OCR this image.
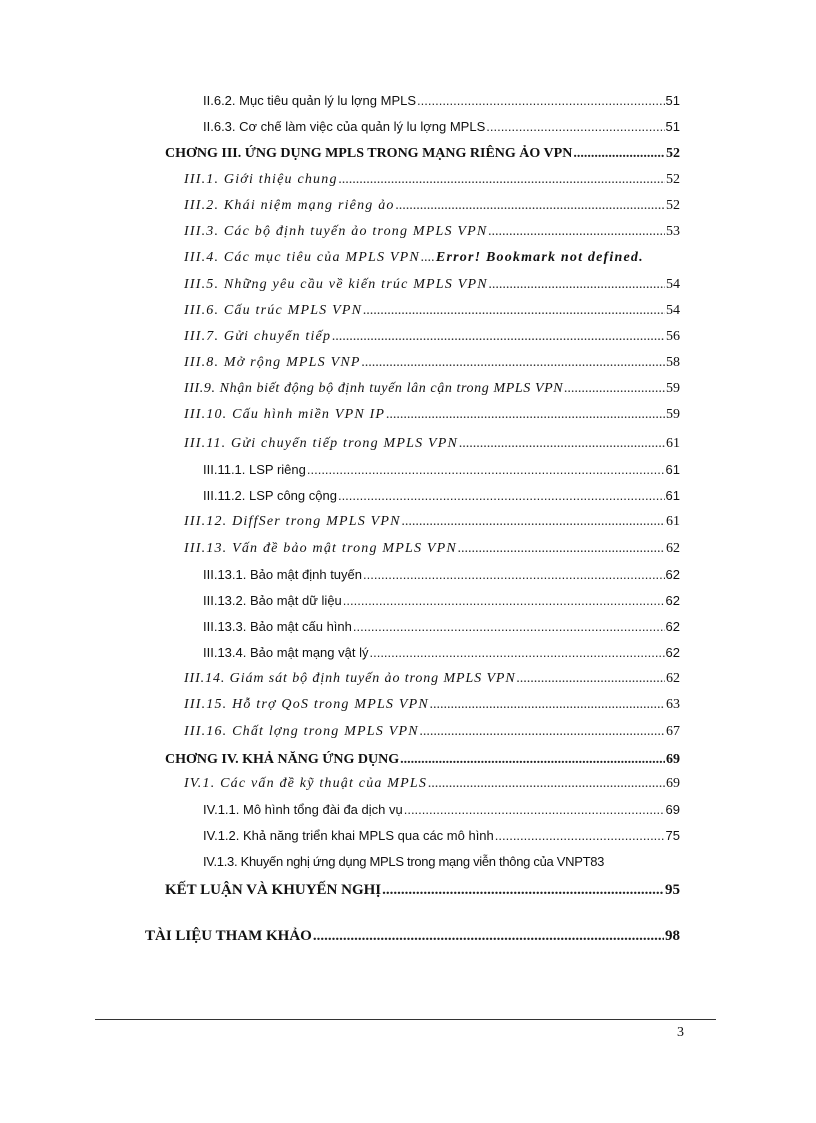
II.6.2. Mục tiêu quản lý lu lợng MPLS .....	51
II.6.3. Cơ chế làm việc của quản lý lu lợng MPLS .....	51
CHƠNG III. ỨNG DỤNG MPLS TRONG MẠNG RIÊNG ẢO VPN .....	52
III.1. Giới thiệu chung .....	52
III.2. Khái niệm mạng riêng ảo .....	52
III.3. Các bộ định tuyến ảo trong MPLS VPN .....	53
III.4. Các mục tiêu của MPLS VPN ..... Error! Bookmark not defined.
III.5. Những yêu cầu về kiến trúc MPLS VPN .....	54
III.6. Cấu trúc MPLS VPN .....	54
III.7. Gửi chuyển tiếp .....	56
III.8. Mở rộng MPLS VNP .....	58
III.9. Nhận biết động bộ định tuyến lân cận trong MPLS VPN .....	59
III.10. Cấu hình miền VPN IP .....	59
III.11. Gửi chuyển tiếp trong MPLS VPN .....	61
III.11.1. LSP riêng .....	61
III.11.2. LSP công cộng .....	61
III.12. DiffSer trong MPLS VPN .....	61
III.13. Vấn đề bảo mật trong MPLS VPN .....	62
III.13.1. Bảo mật định tuyến .....	62
III.13.2. Bảo mật dữ liệu .....	62
III.13.3. Bảo mật cấu hình .....	62
III.13.4. Bảo mật mạng vật lý .....	62
III.14. Giám sát bộ định tuyến ảo trong MPLS VPN .....	62
III.15. Hỗ trợ QoS trong MPLS VPN .....	63
III.16. Chất lợng trong MPLS VPN .....	67
CHƠNG IV. KHẢ NĂNG ỨNG DỤNG .....	69
IV.1. Các vấn đề kỹ thuật của MPLS .....	69
IV.1.1. Mô hình tổng đài đa dịch vụ .....	69
IV.1.2. Khả năng triển khai MPLS qua các mô hình .....	75
IV.1.3. Khuyến nghị ứng dụng MPLS trong mạng viễn thông của VNPT 83
KẾT LUẬN VÀ KHUYẾN NGHỊ .....	95
TÀI LIỆU THAM KHẢO .....	98
3
